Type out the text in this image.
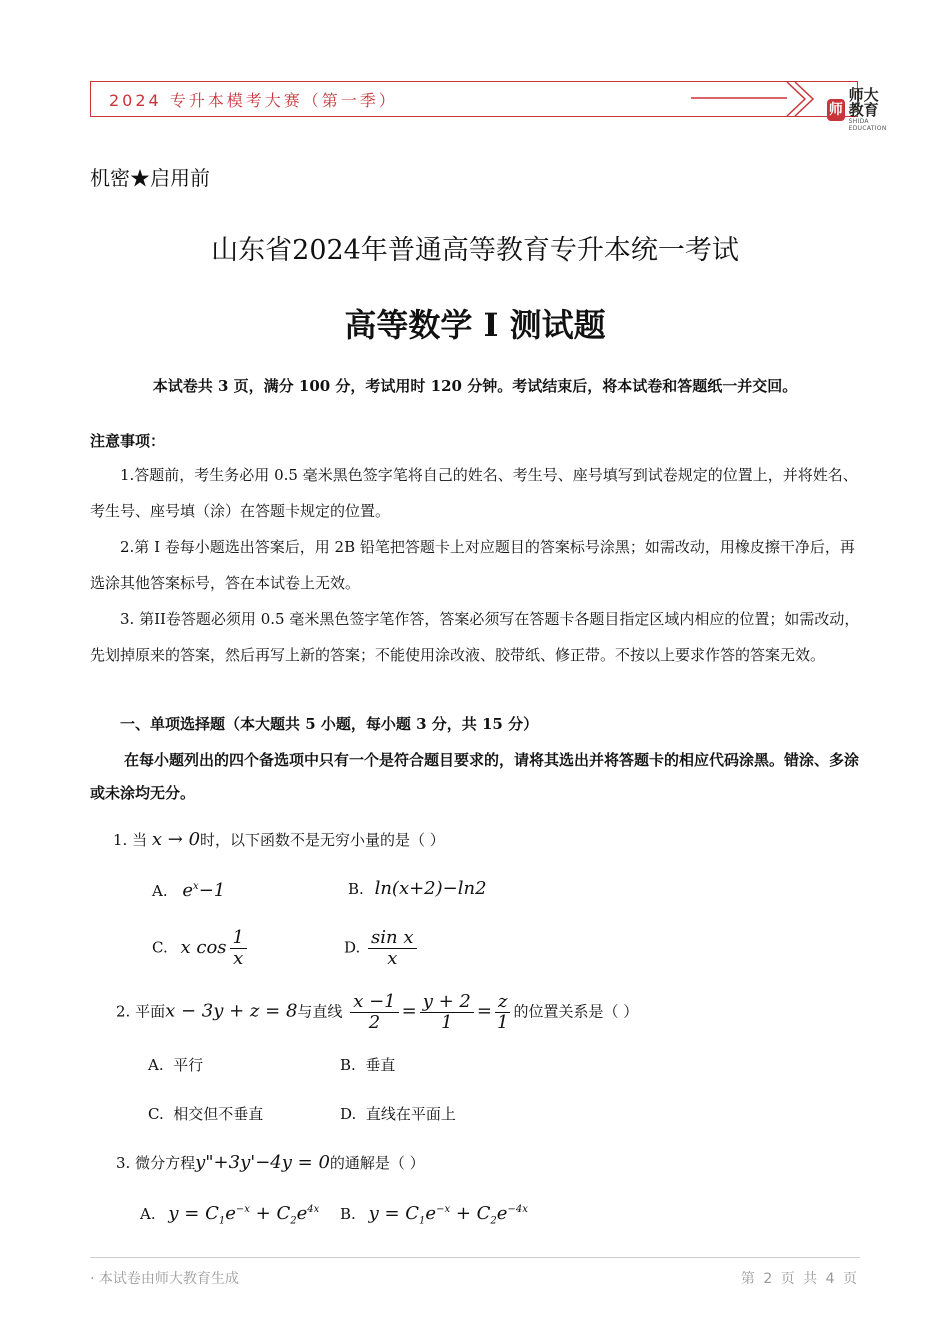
2024 专升本模考大赛（第一季）	师
师大教育
SHIDA EDUCATION
机密★启用前
山东省2024年普通高等教育专升本统一考试
高等数学 I 测试题
本试卷共 3 页，满分 100 分，考试用时 120 分钟。考试结束后，将本试卷和答题纸一并交回。
注意事项：
1.答题前，考生务必用 0.5 毫米黑色签字笔将自己的姓名、考生号、座号填写到试卷规定的位置上，并将姓名、考生号、座号填（涂）在答题卡规定的位置。
2.第 I 卷每小题选出答案后，用 2B 铅笔把答题卡上对应题目的答案标号涂黑；如需改动，用橡皮擦干净后，再选涂其他答案标号，答在本试卷上无效。
3. 第II卷答题必须用 0.5 毫米黑色签字笔作答，答案必须写在答题卡各题目指定区域内相应的位置；如需改动，先划掉原来的答案，然后再写上新的答案；不能使用涂改液、胶带纸、修正带。不按以上要求作答的答案无效。
一、单项选择题（本大题共 5 小题，每小题 3 分，共 15 分）
在每小题列出的四个备选项中只有一个是符合题目要求的，请将其选出并将答题卡的相应代码涂黑。错涂、多涂或未涂均无分。
1. 当 x → 0时，以下函数不是无穷小量的是（ ）
A. $e^x-1$	B. ln(x+2)−ln2
C. x $\cos \frac{1}{x}$	D. $\frac{\text{sin x}}{x}$
2. 平面x − 3y + z = 8与直线 $\frac{x -1}{2} = \frac{y + 2}{1} = \frac{z}{1}$ 的位置关系是（ ）
A. 平行	B. 垂直
C. 相交但不垂直	D. 直线在平面上
3. 微分方程y"+3y'−4y = 0的通解是（ ）
A. $y = C_1e^{-x} + C_2e^{4x}$ B. $y = C_1e^{-x} + C_2e^{-4x}$
· 本试卷由师大教育生成	第 2 页 共 4 页
